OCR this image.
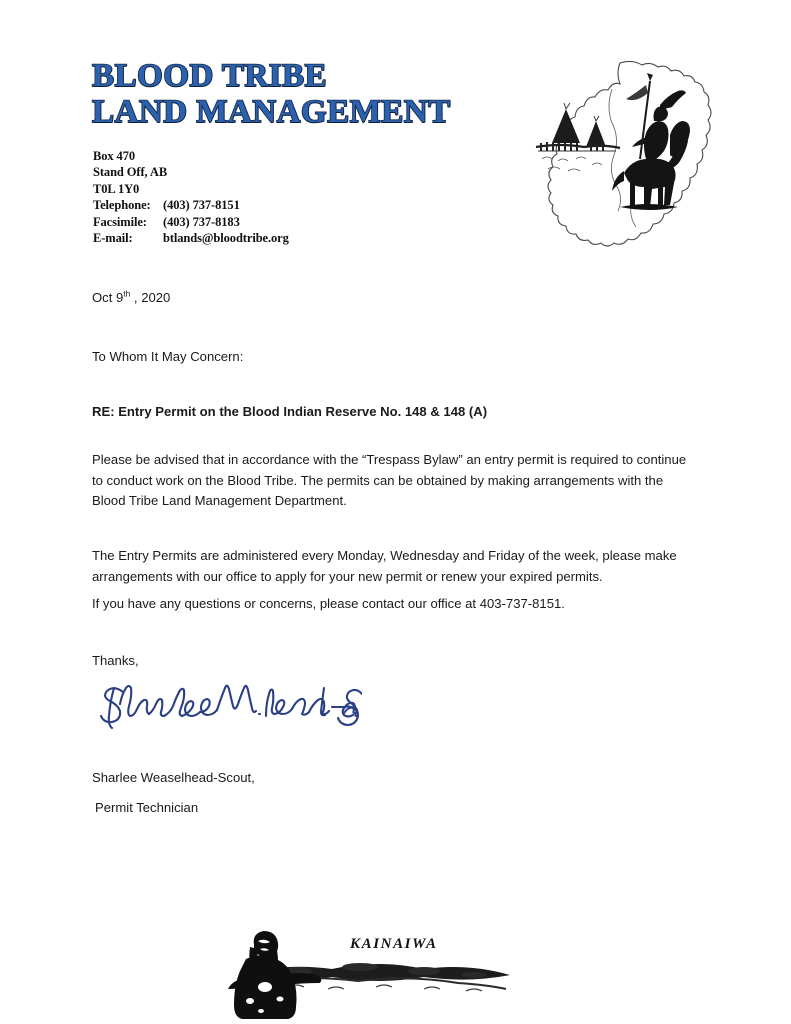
BLOOD TRIBE
LAND MANAGEMENT
Box 470
Stand Off, AB
T0L 1Y0
Telephone: (403) 737-8151
Facsimile: (403) 737-8183
E-mail: btlands@bloodtribe.org
Oct 9th , 2020
To Whom It May Concern:
RE: Entry Permit on the Blood Indian Reserve No. 148 & 148 (A)
Please be advised that in accordance with the “Trespass Bylaw” an entry permit is required to continue to conduct work on the Blood Tribe. The permits can be obtained by making arrangements with the Blood Tribe Land Management Department.
The Entry Permits are administered every Monday, Wednesday and Friday of the week, please make arrangements with our office to apply for your new permit or renew your expired permits.
If you have any questions or concerns, please contact our office at 403-737-8151.
Thanks,
Sharlee Weaselhead-Scout,
Permit Technician
KAINAIWA
